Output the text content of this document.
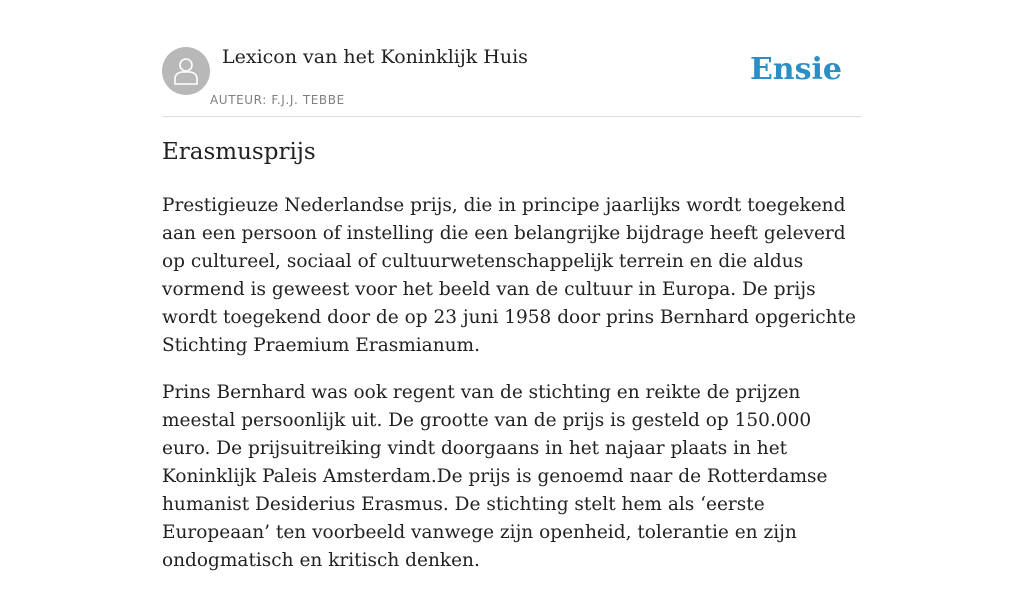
Lexicon van het Koninklijk Huis
AUTEUR: F.J.J. TEBBE
Ensie
Erasmusprijs

Prestigieuze Nederlandse prijs, die in principe jaarlijks wordt toegekend aan een persoon of instelling die een belangrijke bijdrage heeft geleverd op cultureel, sociaal of cultuurwetenschappelijk terrein en die aldus vormend is geweest voor het beeld van de cultuur in Europa. De prijs wordt toegekend door de op 23 juni 1958 door prins Bernhard opgerichte Stichting Praemium Erasmianum.

Prins Bernhard was ook regent van de stichting en reikte de prijzen meestal persoonlijk uit. De grootte van de prijs is gesteld op 150.000 euro. De prijsuitreiking vindt doorgaans in het najaar plaats in het Koninklijk Paleis Amsterdam.De prijs is genoemd naar de Rotterdamse humanist Desiderius Erasmus. De stichting stelt hem als ‘eerste Europeaan’ ten voorbeeld vanwege zijn openheid, tolerantie en zijn ondogmatisch en kritisch denken.
